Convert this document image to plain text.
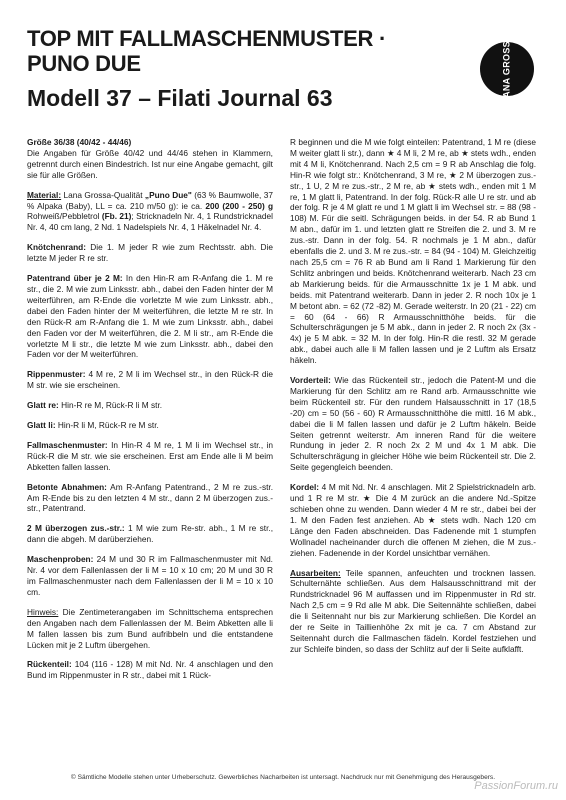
TOP MIT FALLMASCHENMUSTER ·
PUNO DUE
Modell 37 – Filati Journal 63	LANA GROSSA

Größe 36/38 (40/42 - 44/46)
Die Angaben für Größe 40/42 und 44/46 stehen in Klammern, getrennt durch einen Bindestrich. Ist nur eine Angabe gemacht, gilt sie für alle Größen.

Material: Lana Grossa-Qualität „Puno Due" (63 % Baumwolle, 37 % Alpaka (Baby), LL = ca. 210 m/50 g): ie ca. 200 (200 - 250) g Rohweiß/Pebbletrol (Fb. 21); Stricknadeln Nr. 4, 1 Rundstricknadel Nr. 4, 40 cm lang, 2 Nd. 1 Nadelspiels Nr. 4, 1 Häkelnadel Nr. 4.

Knötchenrand: Die 1. M jeder R wie zum Rechtsstr. abh. Die letzte M jeder R re str.

Patentrand über je 2 M: In den Hin-R am R-Anfang die 1. M re str., die 2. M wie zum Linksstr. abh., dabei den Faden hinter der M weiterführen, am R-Ende die vorletzte M wie zum Linksstr. abh., dabei den Faden hinter der M weiterführen, die letzte M re str. In den Rück-R am R-Anfang die 1. M wie zum Linksstr. abh., dabei den Faden vor der M weiterführen, die 2. M li str., am R-Ende die vorletzte M li str., die letzte M wie zum Linksstr. abh., dabei den Faden vor der M weiterführen.

Rippenmuster: 4 M re, 2 M li im Wechsel str., in den Rück-R die M str. wie sie erscheinen.

Glatt re: Hin-R re M, Rück-R li M str.

Glatt li: Hin-R li M, Rück-R re M str.

Fallmaschenmuster: In Hin-R 4 M re, 1 M li im Wechsel str., in Rück-R die M str. wie sie erscheinen. Erst am Ende alle li M beim Abketten fallen lassen.

Betonte Abnahmen: Am R-Anfang Patentrand., 2 M re zus.-str. Am R-Ende bis zu den letzten 4 M str., dann 2 M überzogen zus.-str., Patentrand.

2 M überzogen zus.-str.: 1 M wie zum Re-str. abh., 1 M re str., dann die abgeh. M darüberziehen.

Maschenproben: 24 M und 30 R im Fallmaschenmuster mit Nd. Nr. 4 vor dem Fallenlassen der li M = 10 x 10 cm; 20 M und 30 R im Fallmaschenmuster nach dem Fallenlassen der li M = 10 x 10 cm.

Hinweis: Die Zentimeterangaben im Schnittschema entsprechen den Angaben nach dem Fallenlassen der M. Beim Abketten alle li M fallen lassen bis zum Bund aufribbeln und die entstandene Lücken mit je 2 Luftm übergehen.

Rückenteil: 104 (116 - 128) M mit Nd. Nr. 4 anschlagen und den Bund im Rippenmuster in R str., dabei mit 1 Rück-

R beginnen und die M wie folgt einteilen: Patentrand, 1 M re (diese M weiter glatt li str.), dann ★ 4 M li, 2 M re, ab ★ stets wdh., enden mit 4 M li, Knötchenrand. Nach 2,5 cm = 9 R ab Anschlag die folg. Hin-R wie folgt str.: Knötchenrand, 3 M re, ★ 2 M überzogen zus.-str., 1 U, 2 M re zus.-str., 2 M re, ab ★ stets wdh., enden mit 1 M re, 1 M glatt li, Patentrand. In der folg. Rück-R alle U re str. und ab der folg. R je 4 M glatt re und 1 M glatt li im Wechsel str. = 88 (98 - 108) M. Für die seitl. Schrägungen beids. in der 54. R ab Bund 1 M abn., dafür im 1. und letzten glatt re Streifen die 2. und 3. M re zus.-str. Dann in der folg. 54. R nochmals je 1 M abn., dafür ebenfalls die 2. und 3. M re zus.-str. = 84 (94 - 104) M. Gleichzeitig nach 25,5 cm = 76 R ab Bund am li Rand 1 Markierung für den Schlitz anbringen und beids. Knötchenrand weiterarb. Nach 23 cm ab Markierung beids. für die Armausschnitte 1x je 1 M abk. und beids. mit Patentrand weiterarb. Dann in jeder 2. R noch 10x je 1 M betont abn. = 62 (72 -82) M. Gerade weiterstr. In 20 (21 - 22) cm = 60 (64 - 66) R Armausschnitthöhe beids. für die Schulterschrägungen je 5 M abk., dann in jeder 2. R noch 2x (3x - 4x) je 5 M abk. = 32 M. In der folg. Hin-R die restl. 32 M gerade abk., dabei auch alle li M fallen lassen und je 2 Luftm als Ersatz häkeln.

Vorderteil: Wie das Rückenteil str., jedoch die Patent-M und die Markierung für den Schlitz am re Rand arb. Armausschnitte wie beim Rückenteil str. Für den rundem Halsausschnitt in 17 (18,5 -20) cm = 50 (56 - 60) R Armausschnitthöhe die mittl. 16 M abk., dabei die li M fallen lassen und dafür je 2 Luftm häkeln. Beide Seiten getrennt weiterstr. Am inneren Rand für die weitere Rundung in jeder 2. R noch 2x 2 M und 4x 1 M abk. Die Schulterschrägung in gleicher Höhe wie beim Rückenteil str. Die 2. Seite gegengleich beenden.

Kordel: 4 M mit Nd. Nr. 4 anschlagen. Mit 2 Spielstricknadeln arb. und 1 R re M str. ★ Die 4 M zurück an die andere Nd.-Spitze schieben ohne zu wenden. Dann wieder 4 M re str., dabei bei der 1. M den Faden fest anziehen. Ab ★ stets wdh. Nach 120 cm Länge den Faden abschneiden. Das Fadenende mit 1 stumpfen Wollnadel nacheinander durch die offenen M ziehen, die M zus.-ziehen. Fadenende in der Kordel unsichtbar vernähen.

Ausarbeiten: Teile spannen, anfeuchten und trocknen lassen. Schulternähte schließen. Aus dem Halsausschnittrand mit der Rundstricknadel 96 M auffassen und im Rippenmuster in Rd str. Nach 2,5 cm = 9 Rd alle M abk. Die Seitennähte schließen, dabei die li Seitennaht nur bis zur Markierung schließen. Die Kordel an der re Seite in Taillienhöhe 2x mit je ca. 7 cm Abstand zur Seitennaht durch die Fallmaschen fädeln. Kordel festziehen und zur Schleife binden, so dass der Schlitz auf der li Seite aufklafft.

© Sämtliche Modelle stehen unter Urheberschutz. Gewerbliches Nacharbeiten ist untersagt. Nachdruck nur mit Genehmigung des Herausgebers.
PassionForum.ru
